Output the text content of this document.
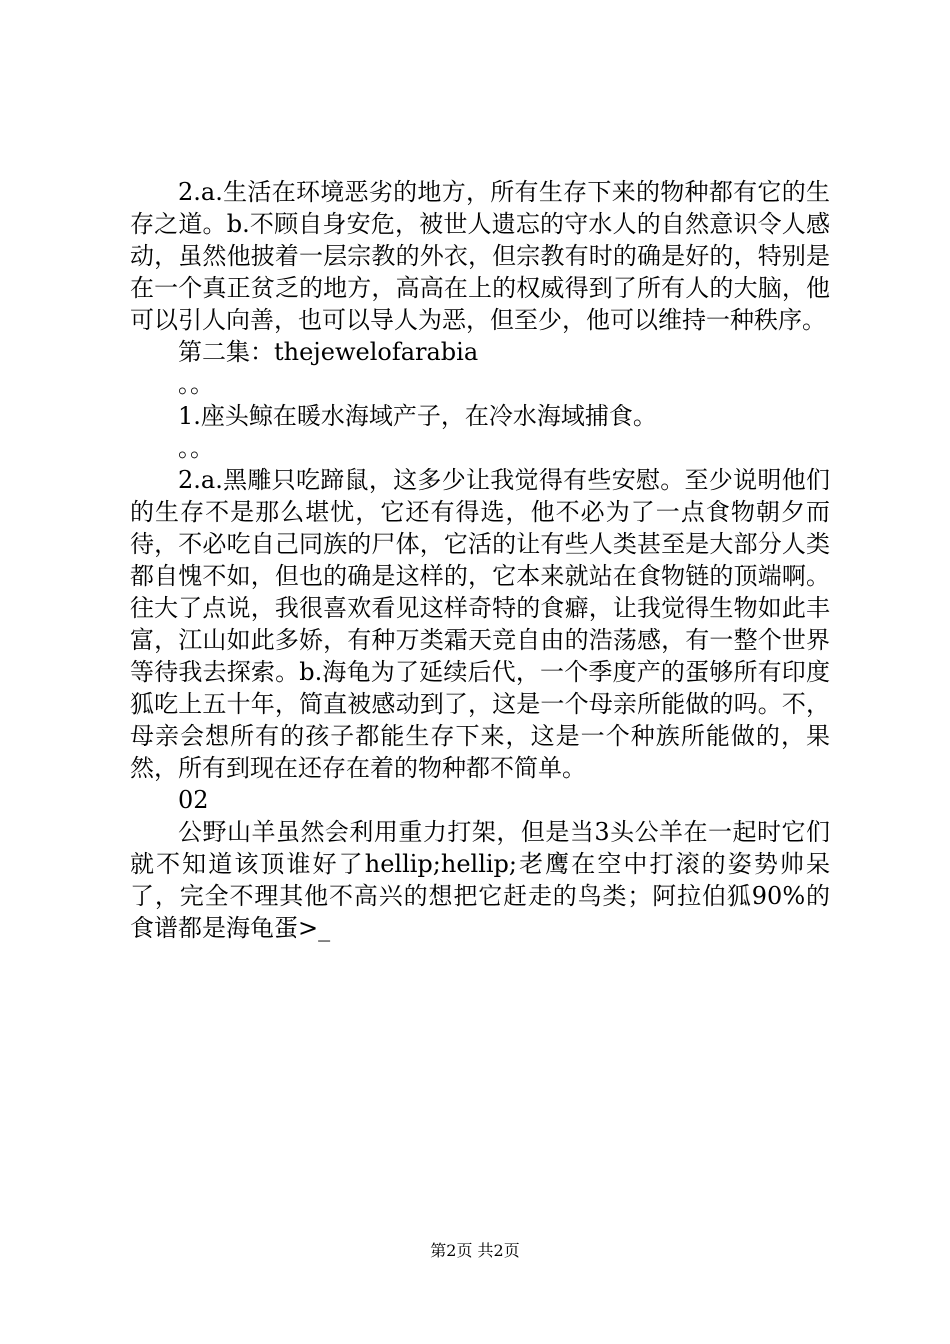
2.a.生活在环境恶劣的地方，所有生存下来的物种都有它的生存之道。b.不顾自身安危，被世人遗忘的守水人的自然意识令人感动，虽然他披着一层宗教的外衣，但宗教有时的确是好的，特别是在一个真正贫乏的地方，高高在上的权威得到了所有人的大脑，他可以引人向善，也可以导人为恶，但至少，他可以维持一种秩序。

第二集：thejewelofarabia

。。

1.座头鲸在暖水海域产子，在冷水海域捕食。

。。

2.a.黑雕只吃蹄鼠，这多少让我觉得有些安慰。至少说明他们的生存不是那么堪忧，它还有得选，他不必为了一点食物朝夕而待，不必吃自己同族的尸体，它活的让有些人类甚至是大部分人类都自愧不如，但也的确是这样的，它本来就站在食物链的顶端啊。往大了点说，我很喜欢看见这样奇特的食癖，让我觉得生物如此丰富，江山如此多娇，有种万类霜天竞自由的浩荡感，有一整个世界等待我去探索。b.海龟为了延续后代，一个季度产的蛋够所有印度狐吃上五十年，简直被感动到了，这是一个母亲所能做的吗。不，母亲会想所有的孩子都能生存下来，这是一个种族所能做的，果然，所有到现在还存在着的物种都不简单。

02

公野山羊虽然会利用重力打架，但是当3头公羊在一起时它们就不知道该顶谁好了hellip;hellip;老鹰在空中打滚的姿势帅呆了，完全不理其他不高兴的想把它赶走的鸟类；阿拉伯狐90%的食谱都是海龟蛋>_

第2页 共2页
